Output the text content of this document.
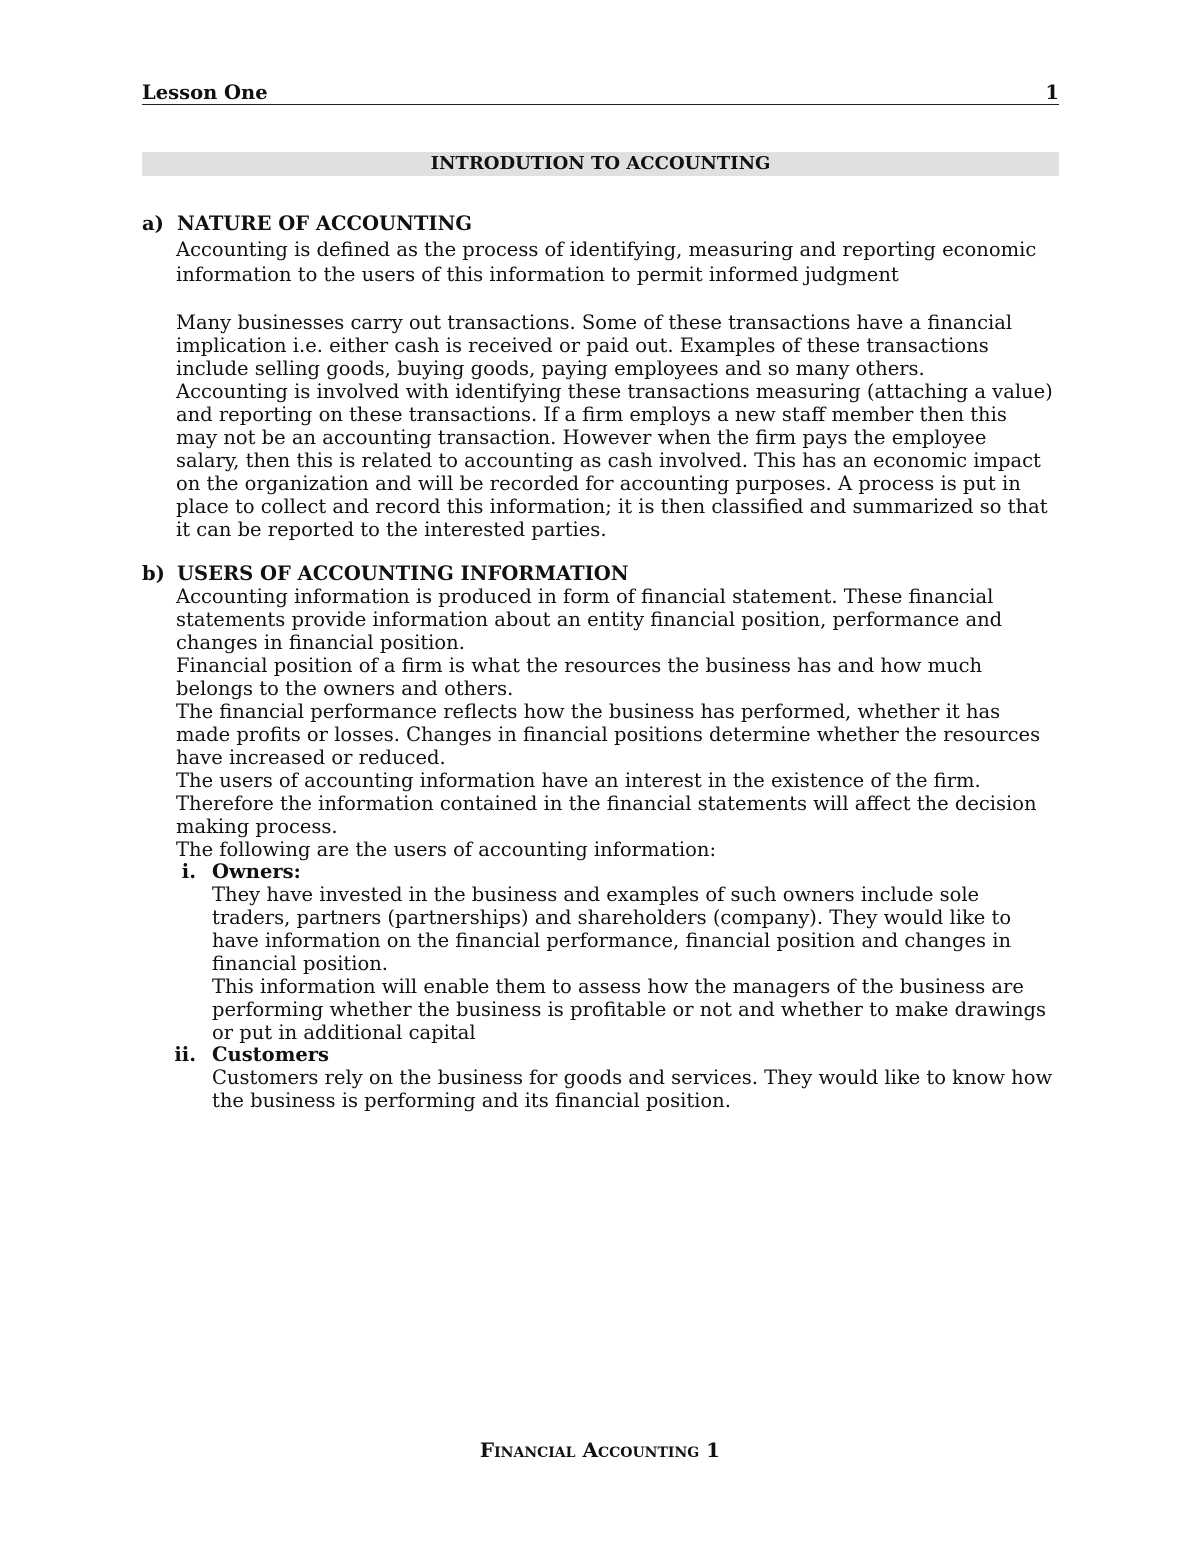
Lesson One	1
INTRODUTION TO ACCOUNTING
a) NATURE OF ACCOUNTING

Accounting is defined as the process of identifying, measuring and reporting economic
information to the users of this information to permit informed judgment

Many businesses carry out transactions. Some of these transactions have a financial
implication i.e. either cash is received or paid out. Examples of these transactions
include selling goods, buying goods, paying employees and so many others.
Accounting is involved with identifying these transactions measuring (attaching a value)
and reporting on these transactions. If a firm employs a new staff member then this
may not be an accounting transaction. However when the firm pays the employee
salary, then this is related to accounting as cash involved. This has an economic impact
on the organization and will be recorded for accounting purposes. A process is put in
place to collect and record this information; it is then classified and summarized so that
it can be reported to the interested parties.

b) USERS OF ACCOUNTING INFORMATION

Accounting information is produced in form of financial statement. These financial
statements provide information about an entity financial position, performance and
changes in financial position.
Financial position of a firm is what the resources the business has and how much
belongs to the owners and others.
The financial performance reflects how the business has performed, whether it has
made profits or losses. Changes in financial positions determine whether the resources
have increased or reduced.
The users of accounting information have an interest in the existence of the firm.
Therefore the information contained in the financial statements will affect the decision
making process.
The following are the users of accounting information:

i. Owners:

They have invested in the business and examples of such owners include sole
traders, partners (partnerships) and shareholders (company). They would like to
have information on the financial performance, financial position and changes in
financial position.
This information will enable them to assess how the managers of the business are
performing whether the business is profitable or not and whether to make drawings
or put in additional capital

ii. Customers

Customers rely on the business for goods and services. They would like to know how
the business is performing and its financial position.

Financial Accounting 1
